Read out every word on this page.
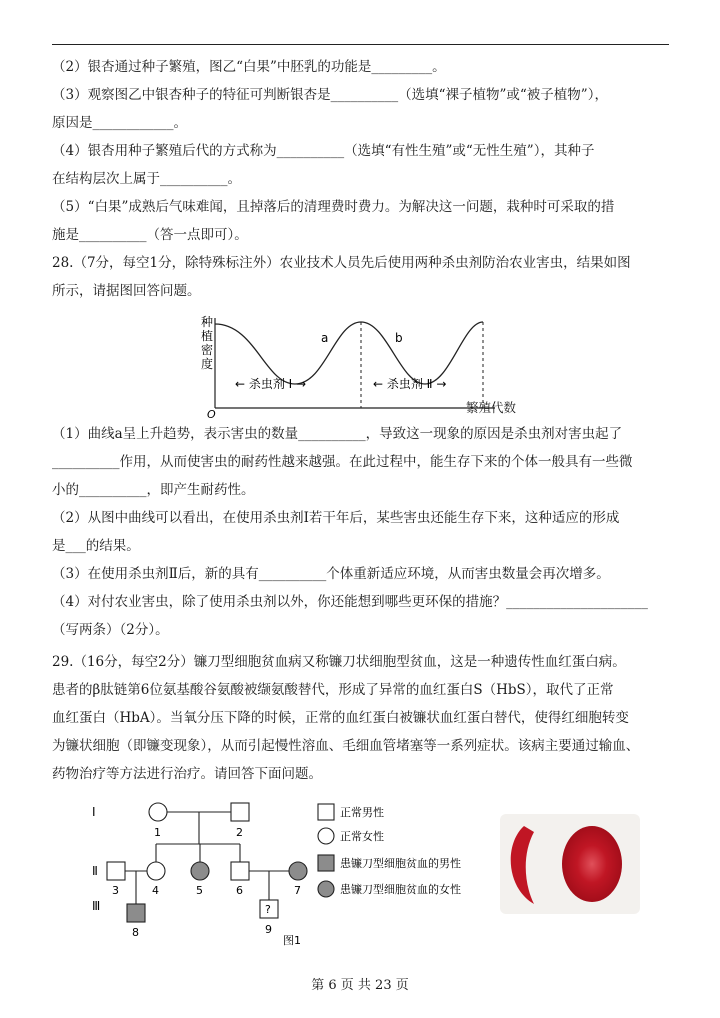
（2）银杏通过种子繁殖，图乙“白果”中胚乳的功能是_________。
（3）观察图乙中银杏种子的特征可判断银杏是__________（选填“裸子植物”或“被子植物”），
原因是____________。
（4）银杏用种子繁殖后代的方式称为__________（选填“有性生殖”或“无性生殖”），其种子
在结构层次上属于__________。
（5）“白果”成熟后气味难闻，且掉落后的清理费时费力。为解决这一问题，栽种时可采取的措
施是__________（答一点即可）。
28.（7分，每空1分，除特殊标注外）农业技术人员先后使用两种杀虫剂防治农业害虫，结果如图
所示，请据图回答问题。
种
植
密
度
a	b
← 杀虫剂 Ⅰ →	← 杀虫剂 Ⅱ →
O	繁殖代数
（1）曲线a呈上升趋势，表示害虫的数量__________，导致这一现象的原因是杀虫剂对害虫起了
__________作用，从而使害虫的耐药性越来越强。在此过程中，能生存下来的个体一般具有一些微
小的__________，即产生耐药性。
（2）从图中曲线可以看出，在使用杀虫剂Ⅰ若干年后，某些害虫还能生存下来，这种适应的形成
是___的结果。
（3）在使用杀虫剂Ⅱ后，新的具有__________个体重新适应环境，从而害虫数量会再次增多。
（4）对付农业害虫，除了使用杀虫剂以外，你还能想到哪些更环保的措施？_____________________
（写两条）（2分）。
29.（16分，每空2分）镰刀型细胞贫血病又称镰刀状细胞型贫血，这是一种遗传性血红蛋白病。
患者的β肽链第6位氨基酸谷氨酸被缬氨酸替代，形成了异常的血红蛋白S（HbS），取代了正常
血红蛋白（HbA）。当氧分压下降的时候，正常的血红蛋白被镰状血红蛋白替代，使得红细胞转变
为镰状细胞（即镰变现象），从而引起慢性溶血、毛细血管堵塞等一系列症状。该病主要通过输血、
药物治疗等方法进行治疗。请回答下面问题。
Ⅰ
Ⅱ
Ⅲ
1	2
3	4	5	6	7
8	9
?
图1
正常男性
正常女性
患镰刀型细胞贫血的男性
患镰刀型细胞贫血的女性
第 6 页 共 23 页
